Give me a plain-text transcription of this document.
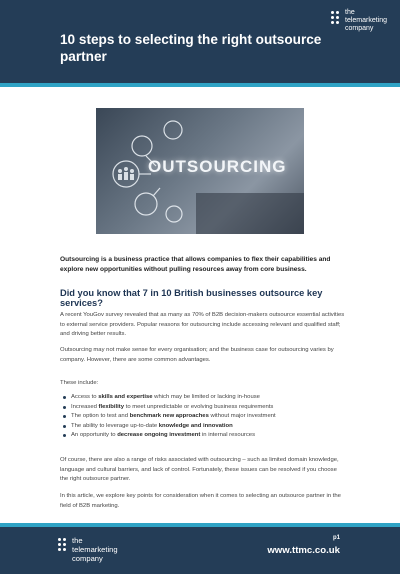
10 steps to selecting the right outsource partner
the
telemarketing
company
OUTSOURCING
Outsourcing is a business practice that allows companies to flex their capabilities and explore new opportunities without pulling resources away from core business.
Did you know that 7 in 10 British businesses outsource key services?
A recent YouGov survey revealed that as many as 70% of B2B decision-makers outsource essential activities to external service providers. Popular reasons for outsourcing include accessing relevant and qualified staff; and driving better results.
Outsourcing may not make sense for every organisation; and the business case for outsourcing varies by company. However, there are some common advantages.
These include:
Access to skills and expertise which may be limited or lacking in-house
Increased flexibility to meet unpredictable or evolving business requirements
The option to test and benchmark new approaches without major investment
The ability to leverage up-to-date knowledge and innovation
An opportunity to decrease ongoing investment in internal resources
Of course, there are also a range of risks associated with outsourcing – such as limited domain knowledge, language and cultural barriers, and lack of control. Fortunately, these issues can be resolved if you choose the right outsource partner.
In this article, we explore key points for consideration when it comes to selecting an outsource partner in the field of B2B marketing.
the
telemarketing
company
p1
www.ttmc.co.uk
